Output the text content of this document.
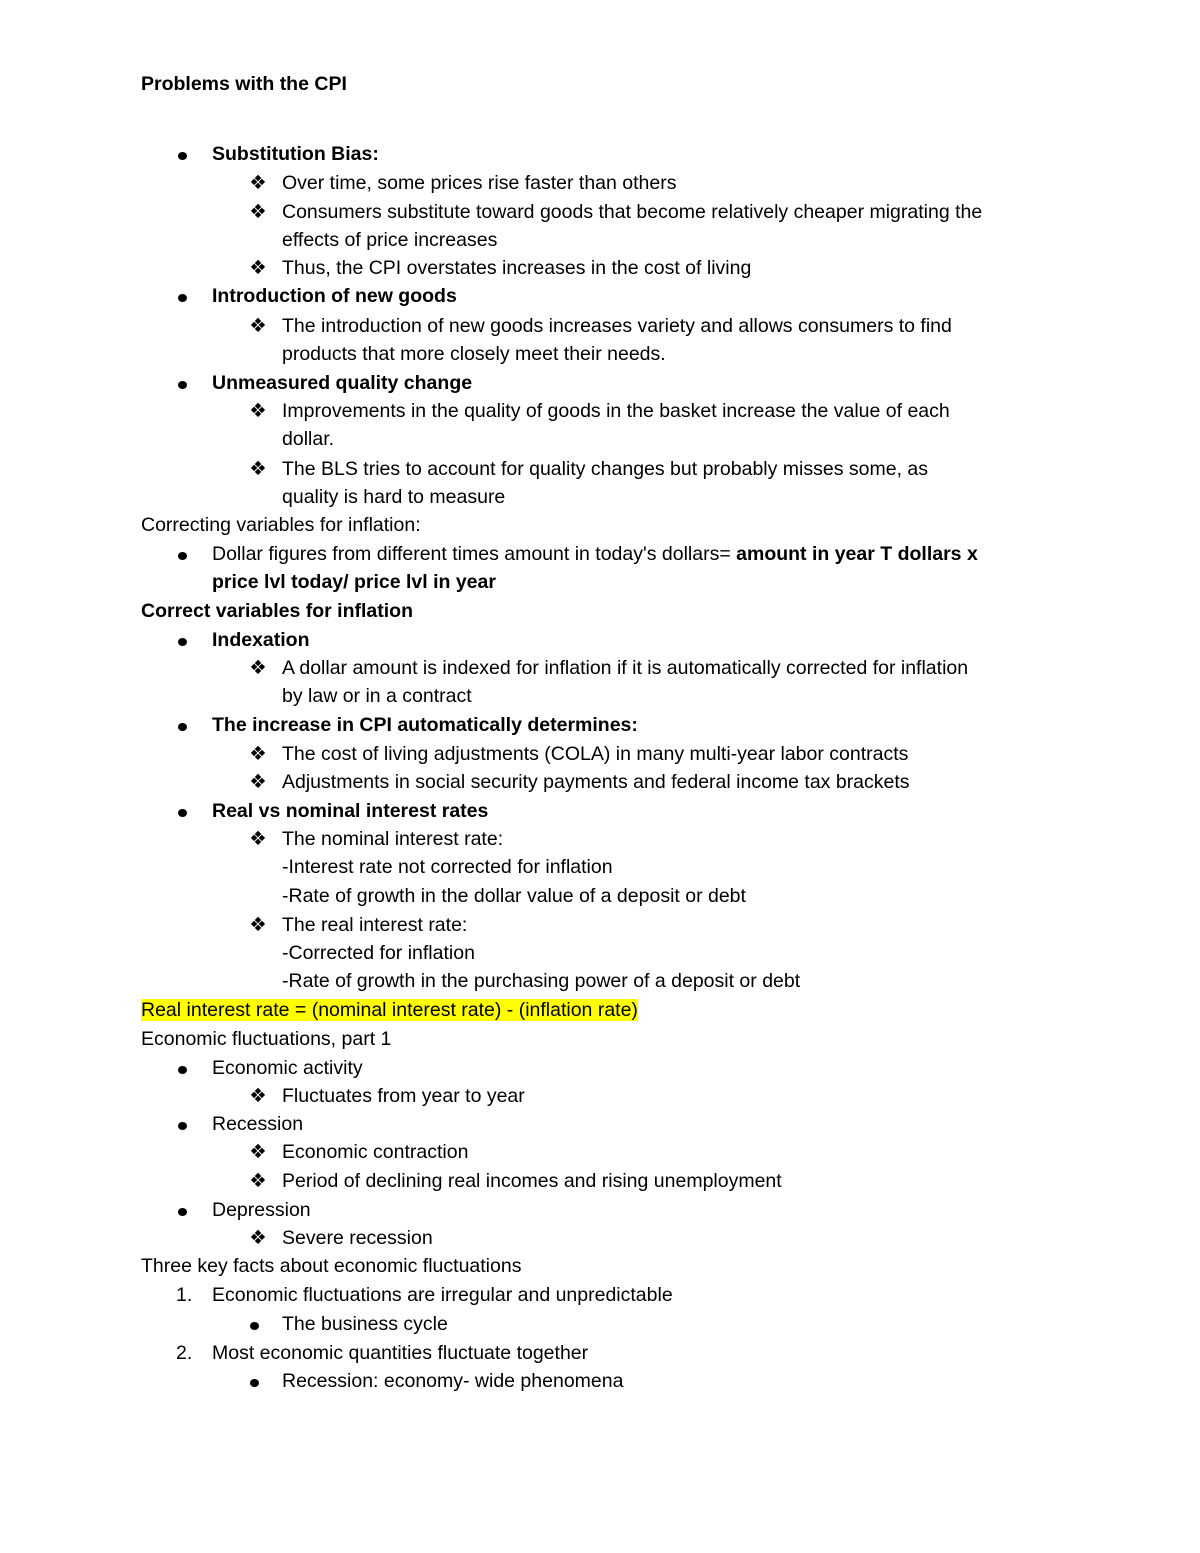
Problems with the CPI
Substitution Bias:
❖ Over time, some prices rise faster than others
❖ Consumers substitute toward goods that become relatively cheaper migrating the
effects of price increases
❖ Thus, the CPI overstates increases in the cost of living
Introduction of new goods
❖ The introduction of new goods increases variety and allows consumers to find
products that more closely meet their needs.
Unmeasured quality change
❖ Improvements in the quality of goods in the basket increase the value of each
dollar.
❖ The BLS tries to account for quality changes but probably misses some, as
quality is hard to measure
Correcting variables for inflation:
Dollar figures from different times amount in today's dollars= amount in year T dollars x
price lvl today/ price lvl in year
Correct variables for inflation
Indexation
❖ A dollar amount is indexed for inflation if it is automatically corrected for inflation
by law or in a contract
The increase in CPI automatically determines:
❖ The cost of living adjustments (COLA) in many multi-year labor contracts
❖ Adjustments in social security payments and federal income tax brackets
Real vs nominal interest rates
❖ The nominal interest rate:
-Interest rate not corrected for inflation
-Rate of growth in the dollar value of a deposit or debt
❖ The real interest rate:
-Corrected for inflation
-Rate of growth in the purchasing power of a deposit or debt
Real interest rate = (nominal interest rate) - (inflation rate)
Economic fluctuations, part 1
Economic activity
❖ Fluctuates from year to year
Recession
❖ Economic contraction
❖ Period of declining real incomes and rising unemployment
Depression
❖ Severe recession
Three key facts about economic fluctuations
1. Economic fluctuations are irregular and unpredictable
The business cycle
2. Most economic quantities fluctuate together
Recession: economy- wide phenomena
